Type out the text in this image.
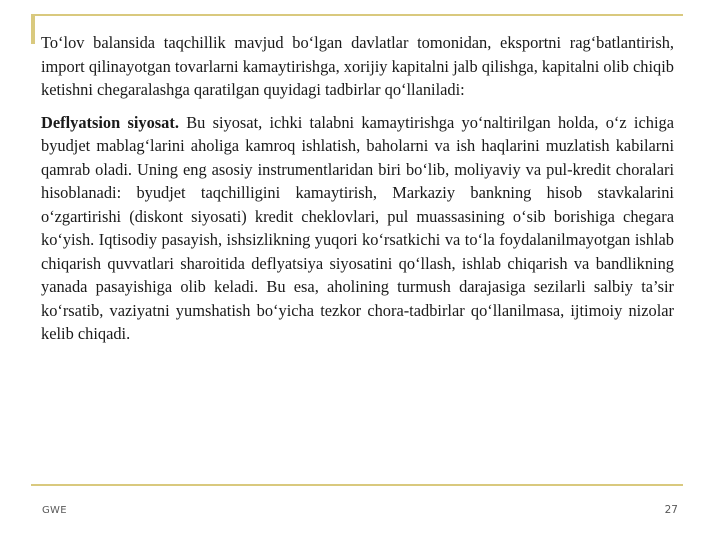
To‘lov balansida taqchillik mavjud bo‘lgan davlatlar tomonidan, eksportni rag‘batlantirish, import qilinayotgan tovarlarni kamaytirishga, xorijiy kapitalni jalb qilishga, kapitalni olib chiqib ketishni chegaralashga qaratilgan quyidagi tadbirlar qo‘llaniladi:

Deflyatsion siyosat. Bu siyosat, ichki talabni kamaytirishga yo‘naltirilgan holda, o‘z ichiga byudjet mablag‘larini aholiga kamroq ishlatish, baholarni va ish haqlarini muzlatish kabilarni qamrab oladi. Uning eng asosiy instrumentlaridan biri bo‘lib, moliyaviy va pul-kredit choralari hisoblanadi: byudjet taqchilligini kamaytirish, Markaziy bankning hisob stavkalarini o‘zgartirishi (diskont siyosati) kredit cheklovlari, pul muassasining o‘sib borishiga chegara ko‘yish. Iqtisodiy pasayish, ishsizlikning yuqori ko‘rsatkichi va to‘la foydalanilmayotgan ishlab chiqarish quvvatlari sharoitida deflyatsiya siyosatini qo‘llash, ishlab chiqarish va bandlikning yanada pasayishiga olib keladi. Bu esa, aholining turmush darajasiga sezilarli salbiy ta’sir ko‘rsatib, vaziyatni yumshatish bo‘yicha tezkor chora-tadbirlar qo‘llanilmasa, ijtimoiy nizolar kelib chiqadi.

GWE	27
